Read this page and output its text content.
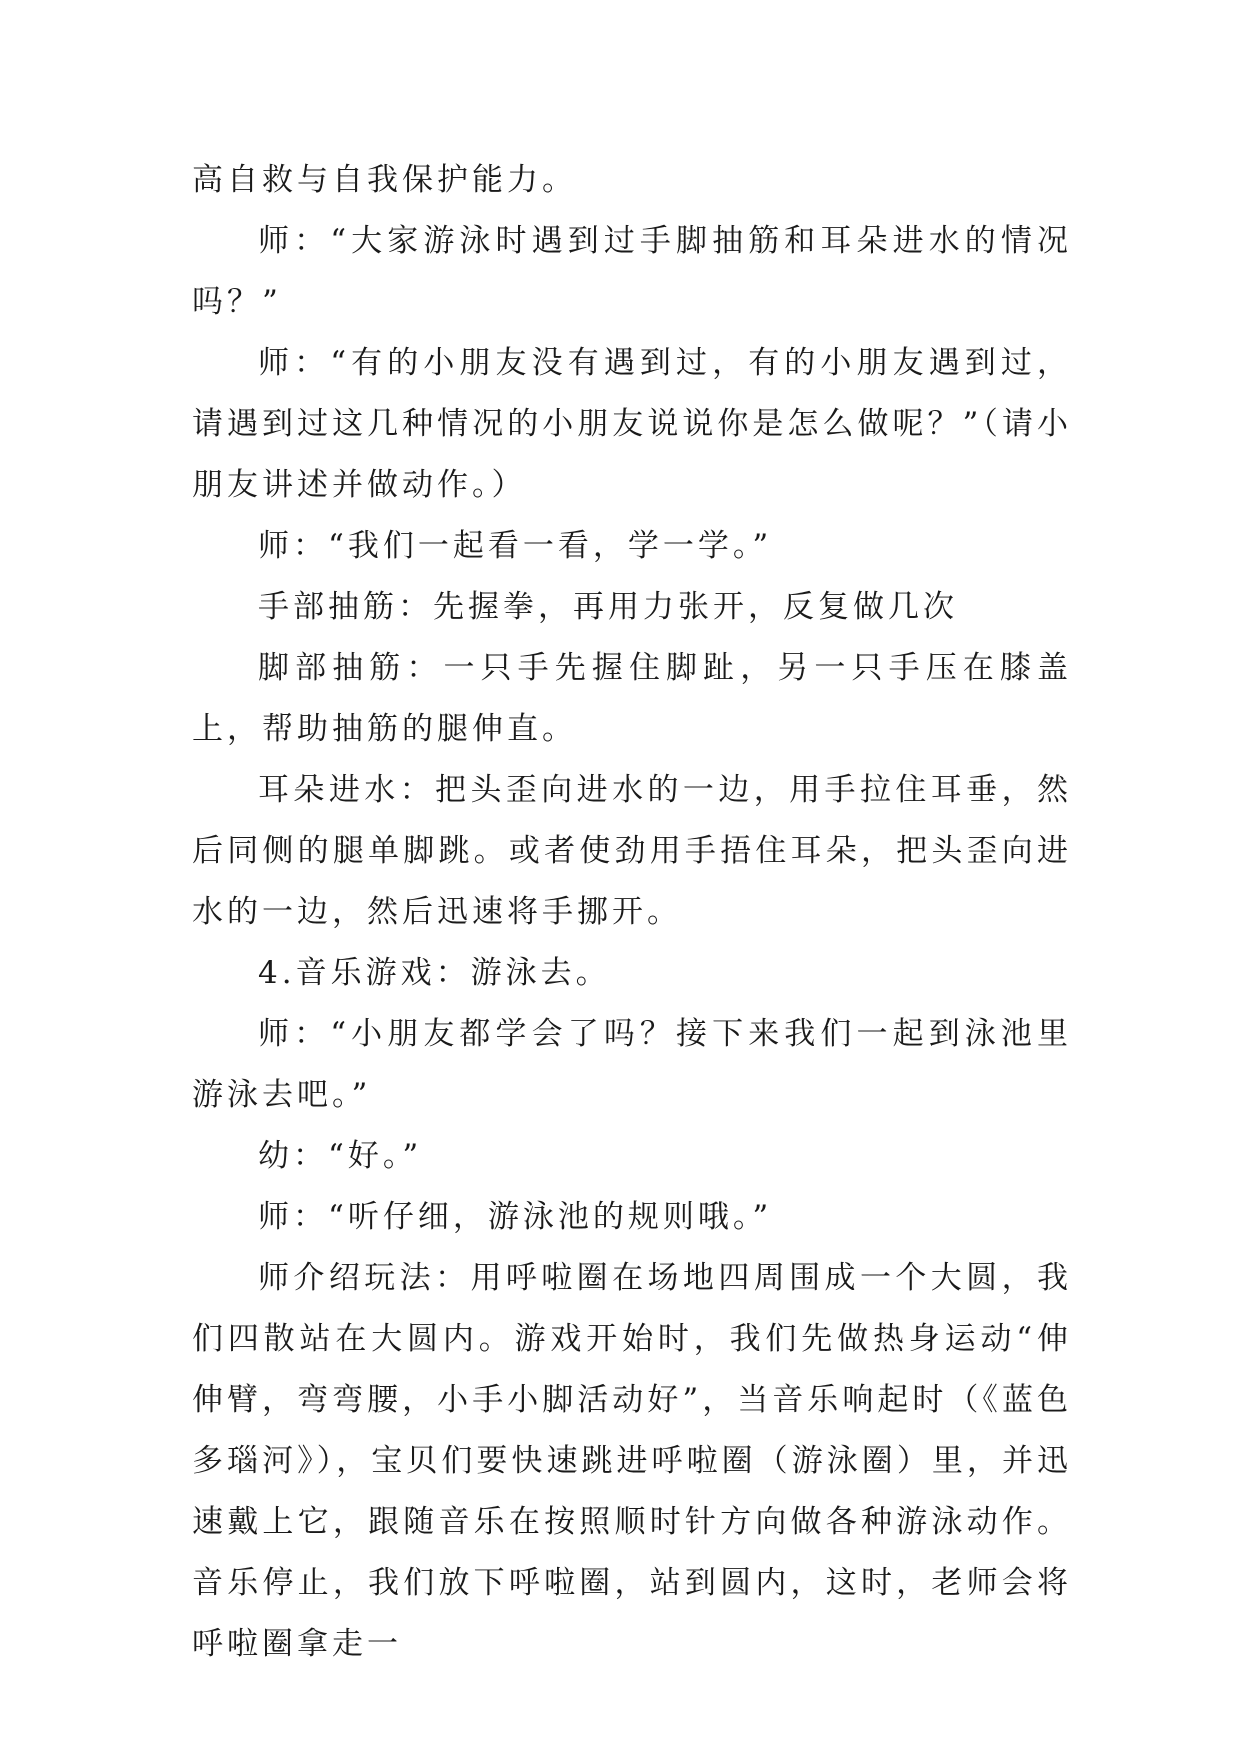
高自救与自我保护能力。

师：“大家游泳时遇到过手脚抽筋和耳朵进水的情况吗？”

师：“有的小朋友没有遇到过，有的小朋友遇到过，请遇到过这几种情况的小朋友说说你是怎么做呢？”（请小朋友讲述并做动作。）

师：“我们一起看一看，学一学。”

手部抽筋：先握拳，再用力张开，反复做几次

脚部抽筋：一只手先握住脚趾，另一只手压在膝盖上，帮助抽筋的腿伸直。

耳朵进水：把头歪向进水的一边，用手拉住耳垂，然后同侧的腿单脚跳。或者使劲用手捂住耳朵，把头歪向进水的一边，然后迅速将手挪开。

4.音乐游戏：游泳去。

师：“小朋友都学会了吗？接下来我们一起到泳池里游泳去吧。”

幼：“好。”

师：“听仔细，游泳池的规则哦。”

师介绍玩法：用呼啦圈在场地四周围成一个大圆，我们四散站在大圆内。游戏开始时，我们先做热身运动“伸伸臂，弯弯腰，小手小脚活动好”，当音乐响起时（《蓝色多瑙河》），宝贝们要快速跳进呼啦圈（游泳圈）里，并迅速戴上它，跟随音乐在按照顺时针方向做各种游泳动作。音乐停止，我们放下呼啦圈，站到圆内，这时，老师会将呼啦圈拿走一
